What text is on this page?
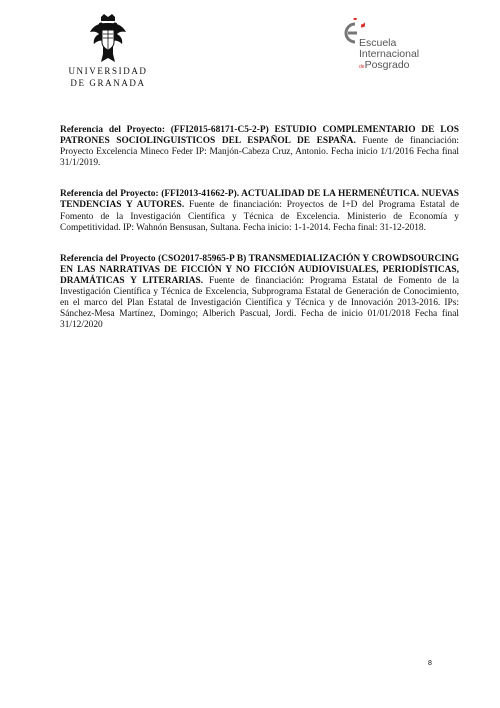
UNIVERSIDAD
DE GRANADA
Escuela
Internacional
dePosgrado

Referencia del Proyecto: (FFI2015-68171-C5-2-P) ESTUDIO COMPLEMENTARIO DE LOS PATRONES SOCIOLINGUISTICOS DEL ESPAÑOL DE ESPAÑA. Fuente de financiación: Proyecto Excelencia Mineco Feder IP: Manjón-Cabeza Cruz, Antonio. Fecha inicio 1/1/2016 Fecha final 31/1/2019.

Referencia del Proyecto: (FFI2013-41662-P). ACTUALIDAD DE LA HERMENÉUTICA. NUEVAS TENDENCIAS Y AUTORES. Fuente de financiación: Proyectos de I+D del Programa Estatal de Fomento de la Investigación Científica y Técnica de Excelencia. Ministerio de Economía y Competitividad. IP: Wahnón Bensusan, Sultana. Fecha inicio: 1-1-2014. Fecha final: 31-12-2018.

Referencia del Proyecto (CSO2017-85965-P B) TRANSMEDIALIZACIÓN Y CROWDSOURCING EN LAS NARRATIVAS DE FICCIÓN Y NO FICCIÓN AUDIOVISUALES, PERIODÍSTICAS, DRAMÁTICAS Y LITERARIAS. Fuente de financiación: Programa Estatal de Fomento de la Investigación Científica y Técnica de Excelencia, Subprograma Estatal de Generación de Conocimiento, en el marco del Plan Estatal de Investigación Científica y Técnica y de Innovación 2013-2016. IPs: Sánchez-Mesa Martínez, Domingo; Alberich Pascual, Jordi. Fecha de inicio 01/01/2018 Fecha final 31/12/2020

8
